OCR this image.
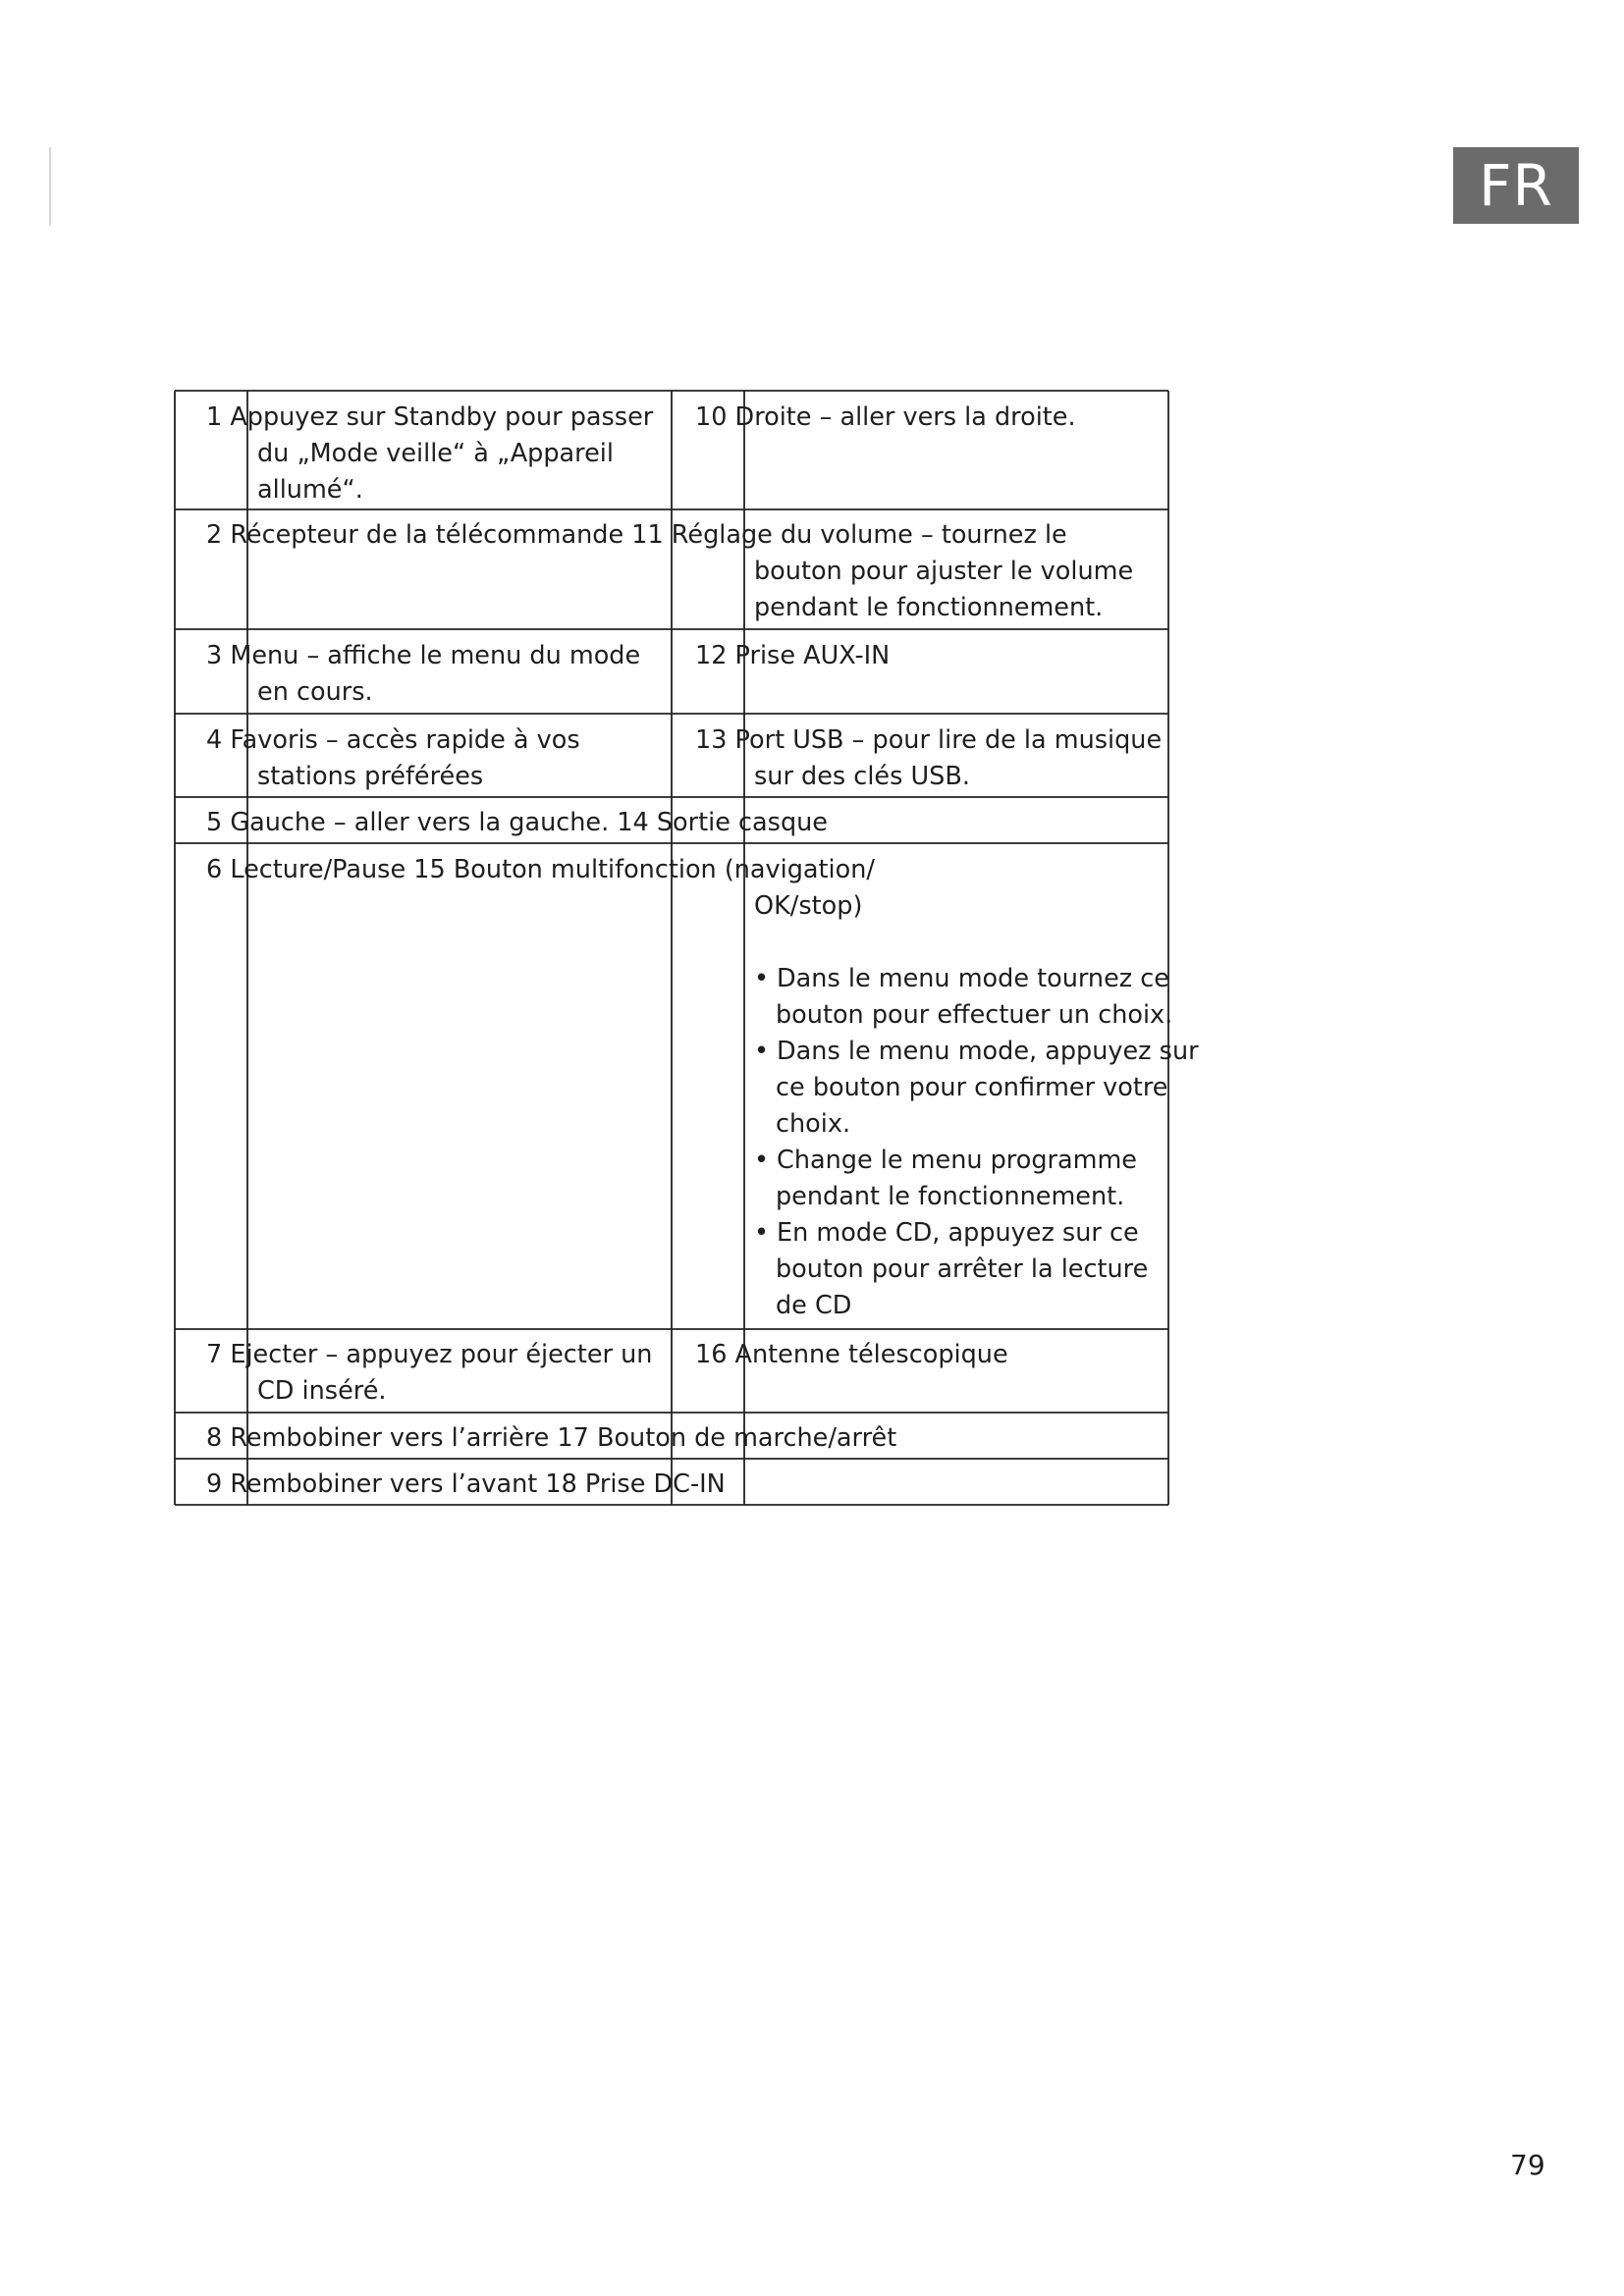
FR
1 Appuyez sur Standby pour passer
du „Mode veille“ à „Appareil
allumé“.
10 Droite – aller vers la droite.
2 Récepteur de la télécommande 11 Réglage du volume – tournez le
bouton pour ajuster le volume
pendant le fonctionnement.
3 Menu – affiche le menu du mode
en cours.
12 Prise AUX-IN
4 Favoris – accès rapide à vos
stations préférées
13 Port USB – pour lire de la musique
sur des clés USB.
5 Gauche – aller vers la gauche. 14 Sortie casque
6 Lecture/Pause 15 Bouton multifonction (navigation/
OK/stop)
• Dans le menu mode tournez ce
bouton pour effectuer un choix.
• Dans le menu mode, appuyez sur
ce bouton pour confirmer votre
choix.
• Change le menu programme
pendant le fonctionnement.
• En mode CD, appuyez sur ce
bouton pour arrêter la lecture
de CD
7 Ejecter – appuyez pour éjecter un
CD inséré.
16 Antenne télescopique
8 Rembobiner vers l’arrière 17 Bouton de marche/arrêt
9 Rembobiner vers l’avant 18 Prise DC-IN
79
